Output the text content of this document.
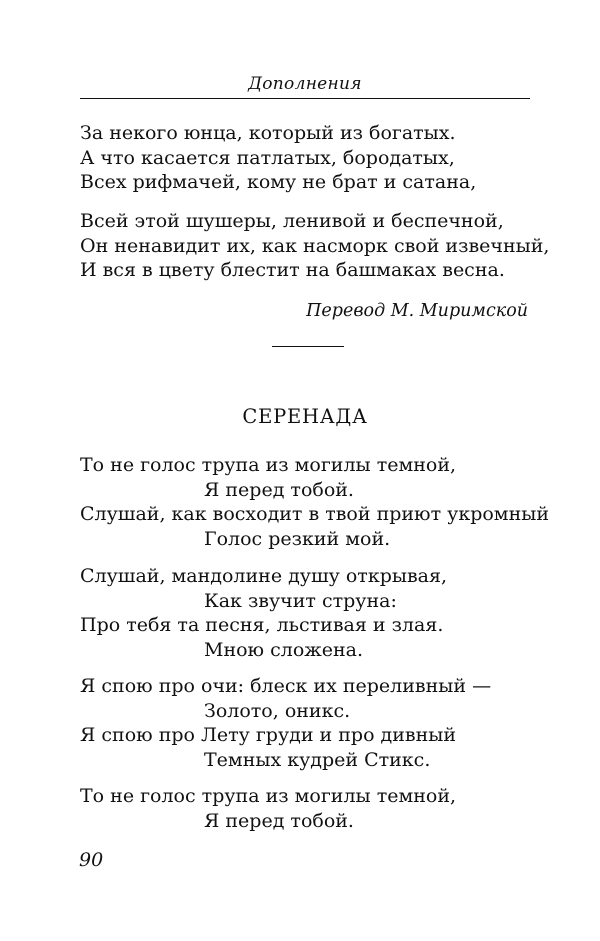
Дополнения
За некого юнца, который из богатых.
А что касается патлатых, бородатых,
Всех рифмачей, кому не брат и сатана,
Всей этой шушеры, ленивой и беспечной,
Он ненавидит их, как насморк свой извечный,
И вся в цвету блестит на башмаках весна.
Перевод М. Миримской
СЕРЕНАДА
То не голос трупа из могилы темной,
Я перед тобой.
Слушай, как восходит в твой приют укромный
Голос резкий мой.
Слушай, мандолине душу открывая,
Как звучит струна:
Про тебя та песня, льстивая и злая.
Мною сложена.
Я спою про очи: блеск их переливный —
Золото, оникс.
Я спою про Лету груди и про дивный
Темных кудрей Стикс.
То не голос трупа из могилы темной,
Я перед тобой.
90
